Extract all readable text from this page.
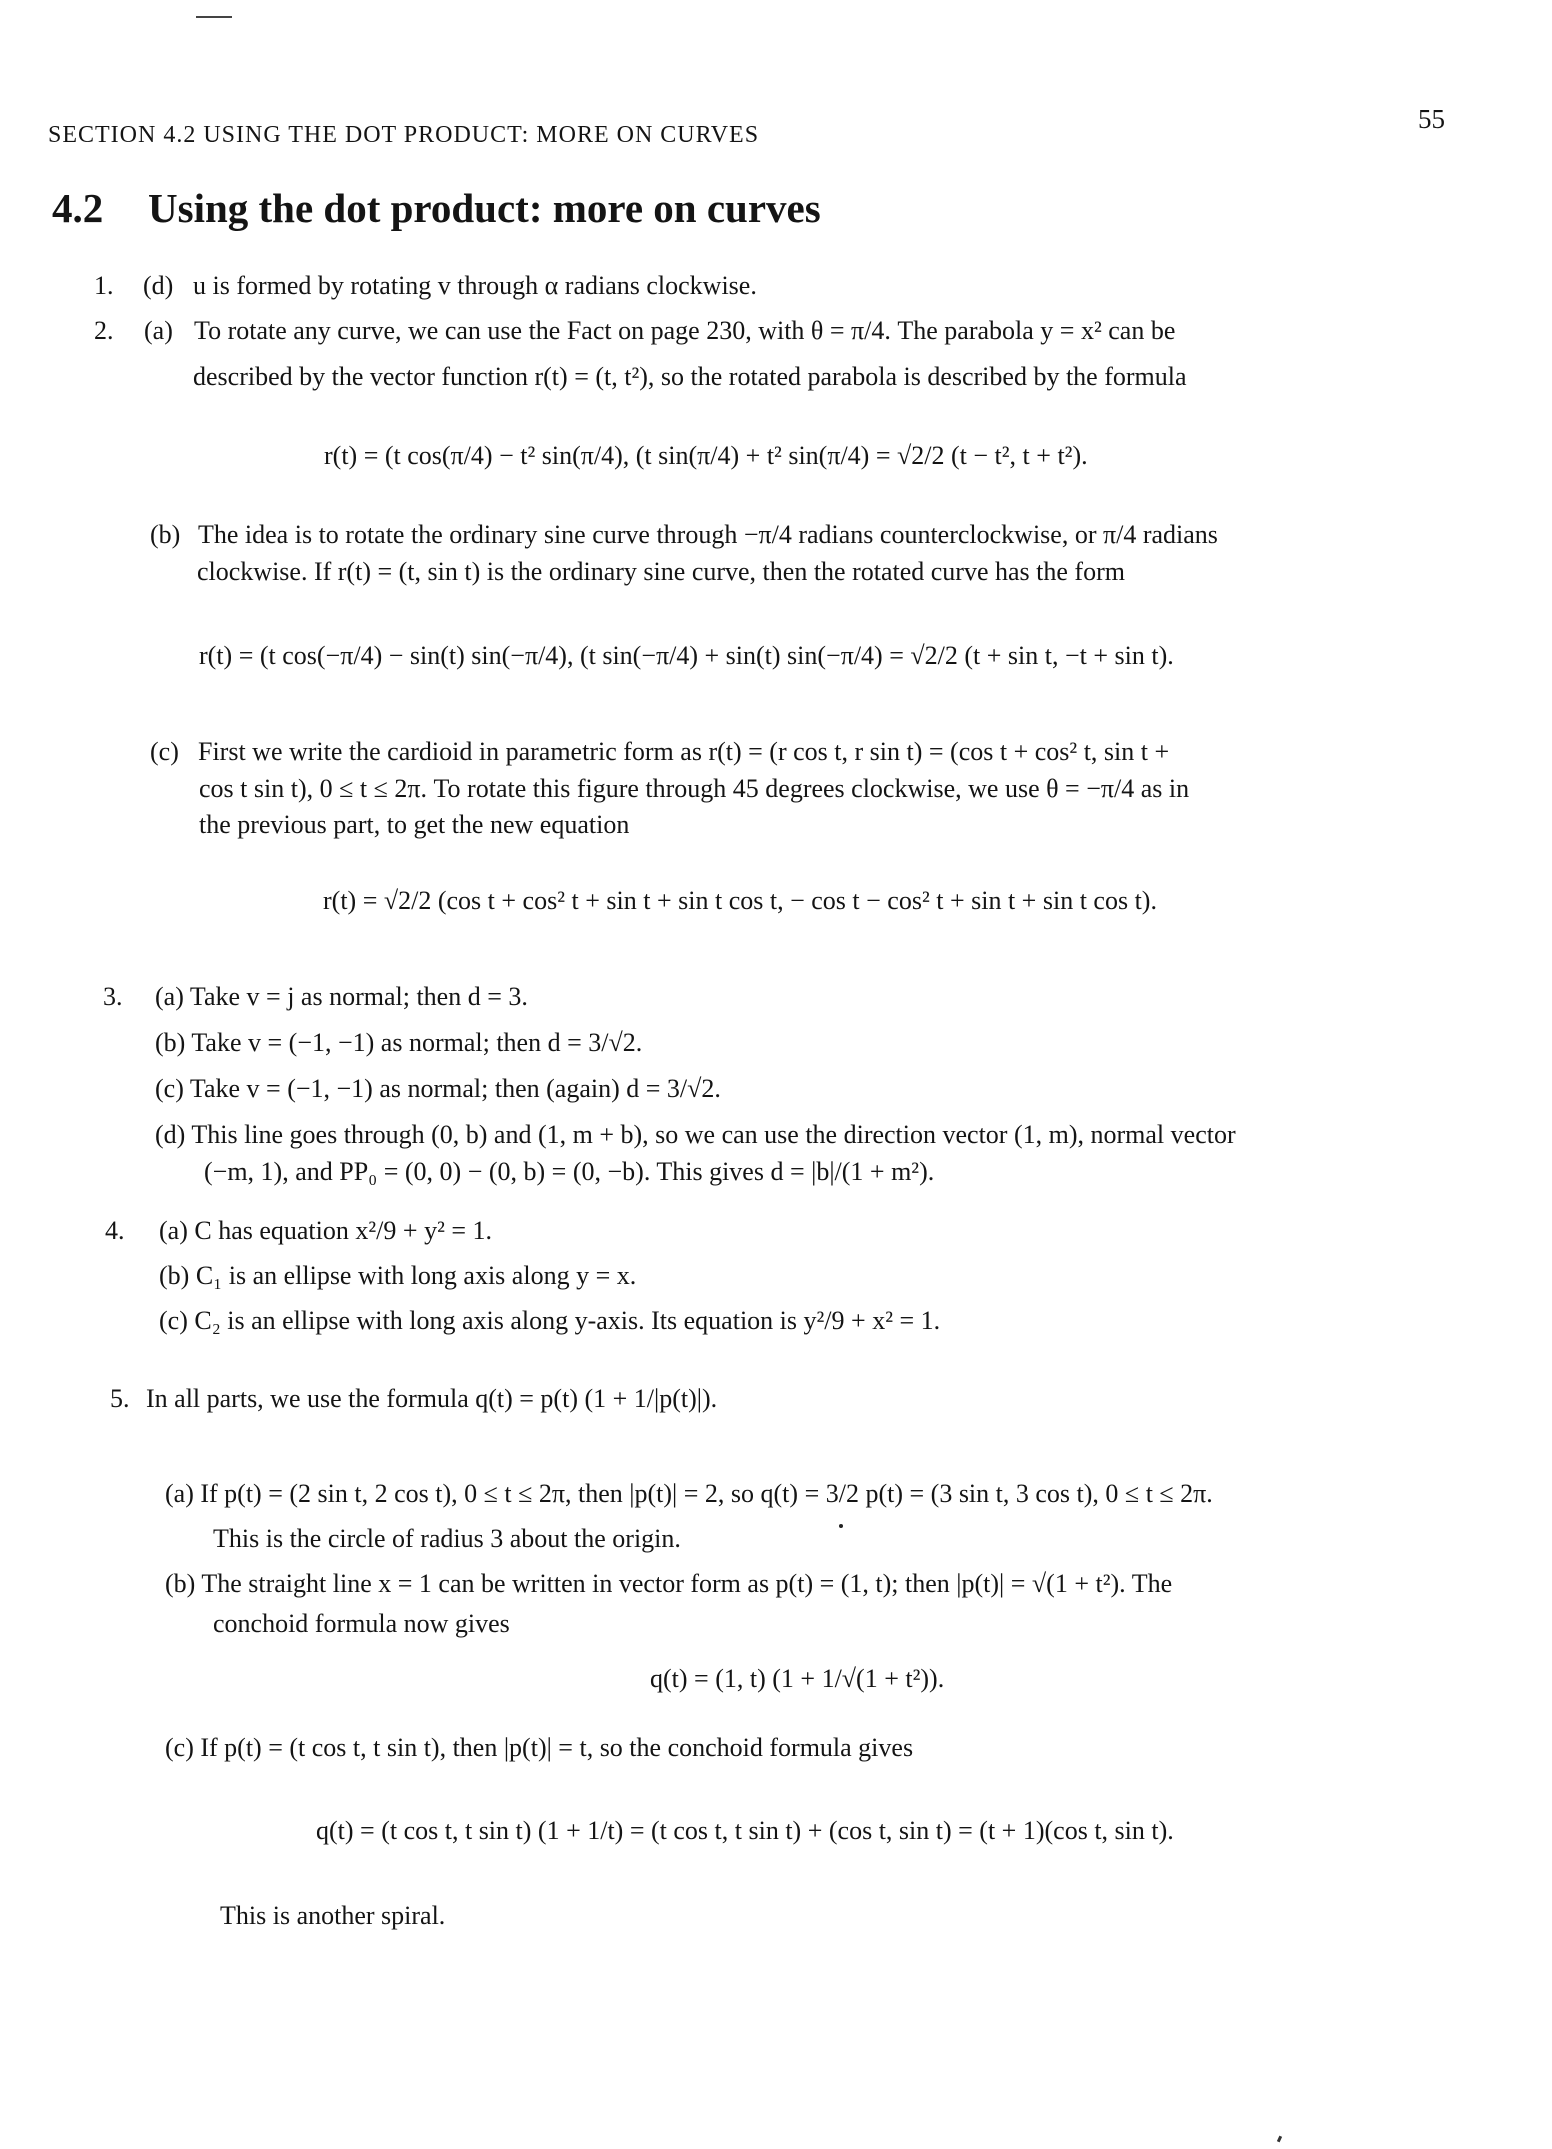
SECTION 4.2 USING THE DOT PRODUCT: MORE ON CURVES
55
4.2 Using the dot product: more on curves
1. (d) u is formed by rotating v through α radians clockwise.
2. (a) To rotate any curve, we can use the Fact on page 230, with θ = π/4. The parabola y = x² can be
described by the vector function r(t) = (t, t²), so the rotated parabola is described by the formula
r(t) = (t cos(π/4) − t² sin(π/4), (t sin(π/4) + t² sin(π/4) = √2/2 (t − t², t + t²).
(b) The idea is to rotate the ordinary sine curve through −π/4 radians counterclockwise, or π/4 radians
clockwise. If r(t) = (t, sin t) is the ordinary sine curve, then the rotated curve has the form
r(t) = (t cos(−π/4) − sin(t) sin(−π/4), (t sin(−π/4) + sin(t) sin(−π/4) = √2/2 (t + sin t, −t + sin t).
(c) First we write the cardioid in parametric form as r(t) = (r cos t, r sin t) = (cos t + cos² t, sin t +
cos t sin t), 0 ≤ t ≤ 2π. To rotate this figure through 45 degrees clockwise, we use θ = −π/4 as in
the previous part, to get the new equation
r(t) = √2/2 (cos t + cos² t + sin t + sin t cos t, − cos t − cos² t + sin t + sin t cos t).
3. (a) Take v = j as normal; then d = 3.
(b) Take v = (−1, −1) as normal; then d = 3/√2.
(c) Take v = (−1, −1) as normal; then (again) d = 3/√2.
(d) This line goes through (0, b) and (1, m + b), so we can use the direction vector (1, m), normal vector
(−m, 1), and PP₀ = (0, 0) − (0, b) = (0, −b). This gives d = |b|/(1 + m²).
4. (a) C has equation x²/9 + y² = 1.
(b) C₁ is an ellipse with long axis along y = x.
(c) C₂ is an ellipse with long axis along y-axis. Its equation is y²/9 + x² = 1.
5. In all parts, we use the formula q(t) = p(t) (1 + 1/|p(t)|).
(a) If p(t) = (2 sin t, 2 cos t), 0 ≤ t ≤ 2π, then |p(t)| = 2, so q(t) = 3/2 p(t) = (3 sin t, 3 cos t), 0 ≤ t ≤ 2π.
This is the circle of radius 3 about the origin.
(b) The straight line x = 1 can be written in vector form as p(t) = (1, t); then |p(t)| = √(1 + t²). The
conchoid formula now gives
q(t) = (1, t) (1 + 1/√(1 + t²)).
(c) If p(t) = (t cos t, t sin t), then |p(t)| = t, so the conchoid formula gives
q(t) = (t cos t, t sin t) (1 + 1/t) = (t cos t, t sin t) + (cos t, sin t) = (t + 1)(cos t, sin t).
This is another spiral.
